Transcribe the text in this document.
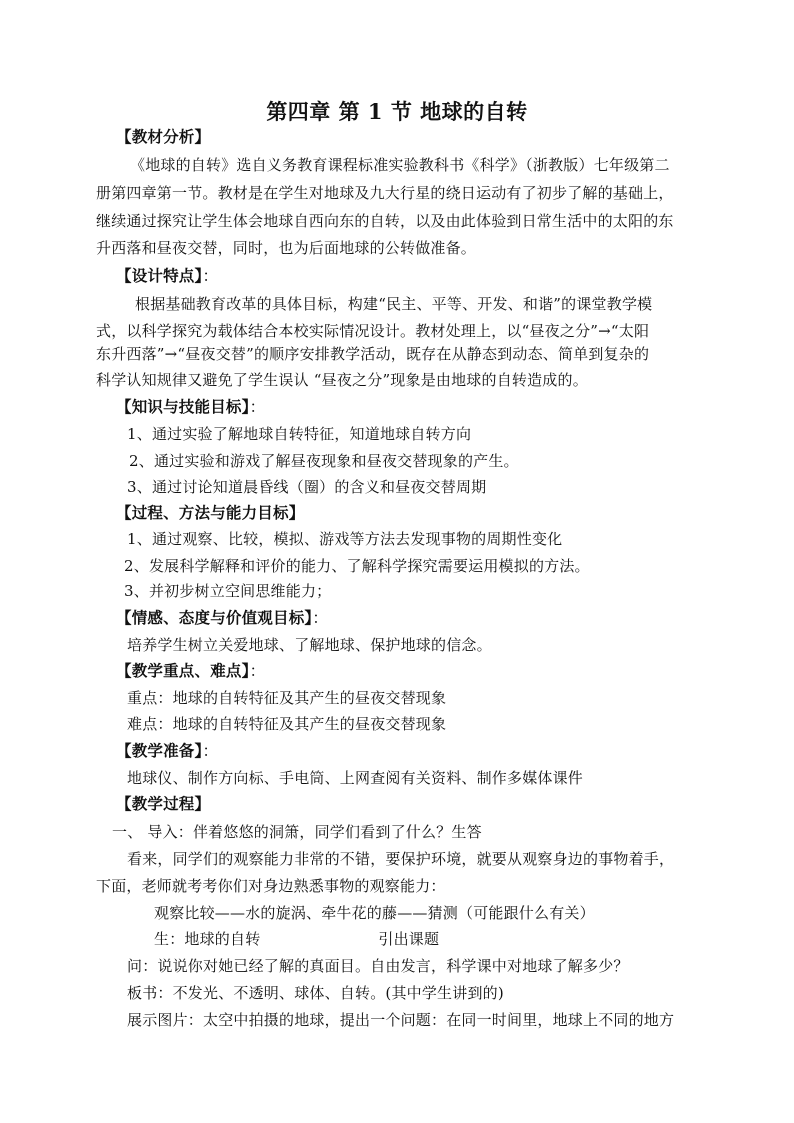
第四章 第 1 节 地球的自转
【教材分析】
《地球的自转》选自义务教育课程标准实验教科书《科学》（浙教版）七年级第二
册第四章第一节。教材是在学生对地球及九大行星的绕日运动有了初步了解的基础上，
继续通过探究让学生体会地球自西向东的自转，以及由此体验到日常生活中的太阳的东
升西落和昼夜交替，同时，也为后面地球的公转做准备。
【设计特点】：
根据基础教育改革的具体目标，构建“民主、平等、开发、和谐”的课堂教学模
式，以科学探究为载体结合本校实际情况设计。教材处理上，以“昼夜之分”→“太阳
东升西落”→“昼夜交替”的顺序安排教学活动，既存在从静态到动态、简单到复杂的
科学认知规律又避免了学生误认 “昼夜之分”现象是由地球的自转造成的。
【知识与技能目标】：
1、通过实验了解地球自转特征，知道地球自转方向
2、通过实验和游戏了解昼夜现象和昼夜交替现象的产生。
3、通过讨论知道晨昏线（圈）的含义和昼夜交替周期
【过程、方法与能力目标】
1、通过观察、比较，模拟、游戏等方法去发现事物的周期性变化
2、发展科学解释和评价的能力、了解科学探究需要运用模拟的方法。
3、并初步树立空间思维能力；
【情感、态度与价值观目标】：
培养学生树立关爱地球、了解地球、保护地球的信念。
【教学重点、难点】：
重点：地球的自转特征及其产生的昼夜交替现象
难点：地球的自转特征及其产生的昼夜交替现象
【教学准备】：
地球仪、制作方向标、手电筒、上网查阅有关资料、制作多媒体课件
【教学过程】
一、 导入：伴着悠悠的洞箫，同学们看到了什么？生答
看来，同学们的观察能力非常的不错，要保护环境，就要从观察身边的事物着手，
下面，老师就考考你们对身边熟悉事物的观察能力：
观察比较——水的旋涡、牵牛花的藤——猜测（可能跟什么有关）
生：地球的自转	引出课题
问：说说你对她已经了解的真面目。自由发言，科学课中对地球了解多少？
板书：不发光、不透明、球体、自转。(其中学生讲到的)
展示图片：太空中拍摄的地球，提出一个问题：在同一时间里，地球上不同的地方
